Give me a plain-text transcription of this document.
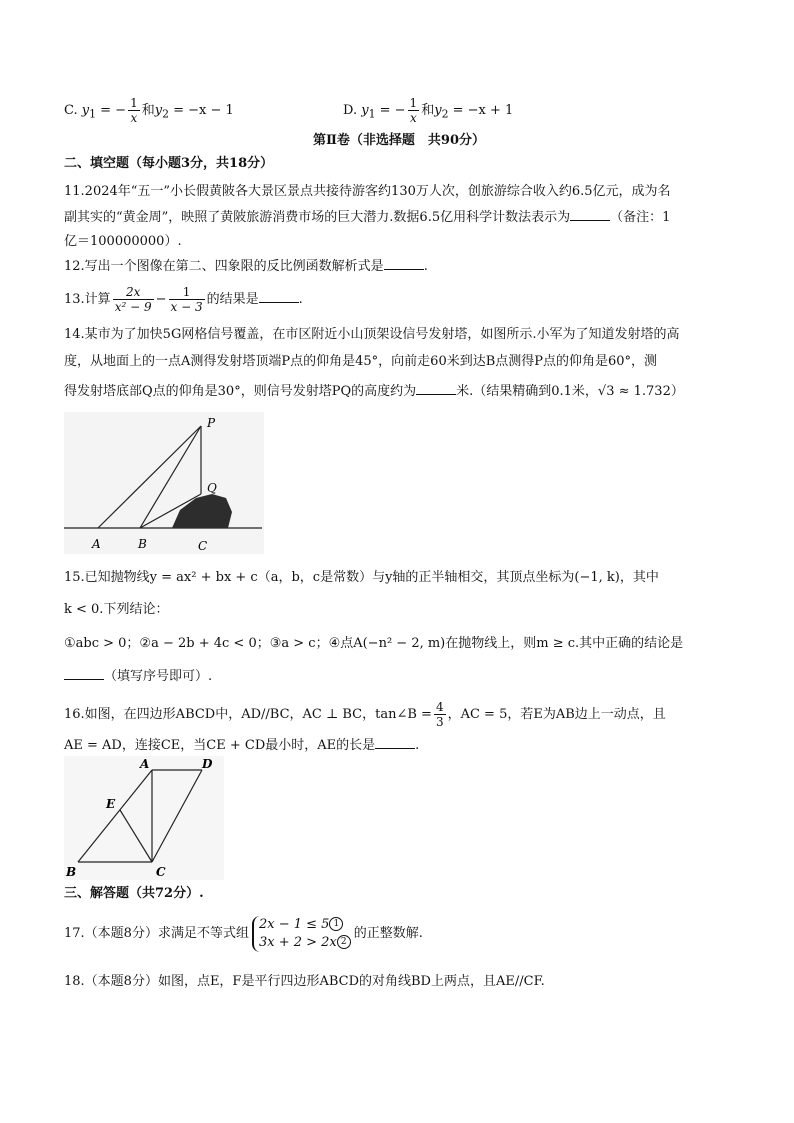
C. $y_1$ = − $\frac{1}{x}$ 和$y_2 = -x - 1$	D. $y_1$ = − $\frac{1}{x}$ 和$y_2 = -x + 1$
第Ⅱ卷（非选择题　共90分）
二、填空题（每小题3分，共18分）
11.2024年“五一”小长假黄陂各大景区景点共接待游客约130万人次，创旅游综合收入约6.5亿元，成为名
副其实的“黄金周”，映照了黄陂旅游消费市场的巨大潜力.数据6.5亿用科学计数法表示为	（备注：1
亿＝100000000）.
12.写出一个图像在第二、四象限的反比例函数解析式是	.
13.计算 $\frac{2x}{\text{x² − 9}} - \frac{1}{x - 3}$ 的结果是	.
14.某市为了加快5G网格信号覆盖，在市区附近小山顶架设信号发射塔，如图所示.小军为了知道发射塔的高
度，从地面上的一点A测得发射塔顶端P点的仰角是45°，向前走60米到达B点测得P点的仰角是60°，测
得发射塔底部Q点的仰角是30°，则信号发射塔PQ的高度约为	米.（结果精确到0.1米，√3 ≈ 1.732）
P
Q
A	B	C
15.已知抛物线y = ax² + bx + c（a，b，c是常数）与y轴的正半轴相交，其顶点坐标为(−1, k)，其中
k < 0.下列结论：
①abc > 0；②a − 2b + 4c < 0；③a > c；④点A(−n² − 2, m)在抛物线上，则m ≥ c.其中正确的结论是
（填写序号即可）.
16.如图，在四边形ABCD中，AD//BC，AC ⊥ BC，tan∠B = $\frac{4}{3}$ ，AC = 5，若E为AB边上一动点，且
AE = AD，连接CE，当CE + CD最小时，AE的长是	.
A	D
E
B	C
三、解答题（共72分）.
17.（本题8分）求满足不等式组
2x − 1 ≤ 5 1
3x + 2 > 2x 2
的正整数解.
18.（本题8分）如图，点E，F是平行四边形ABCD的对角线BD上两点，且AE//CF.
